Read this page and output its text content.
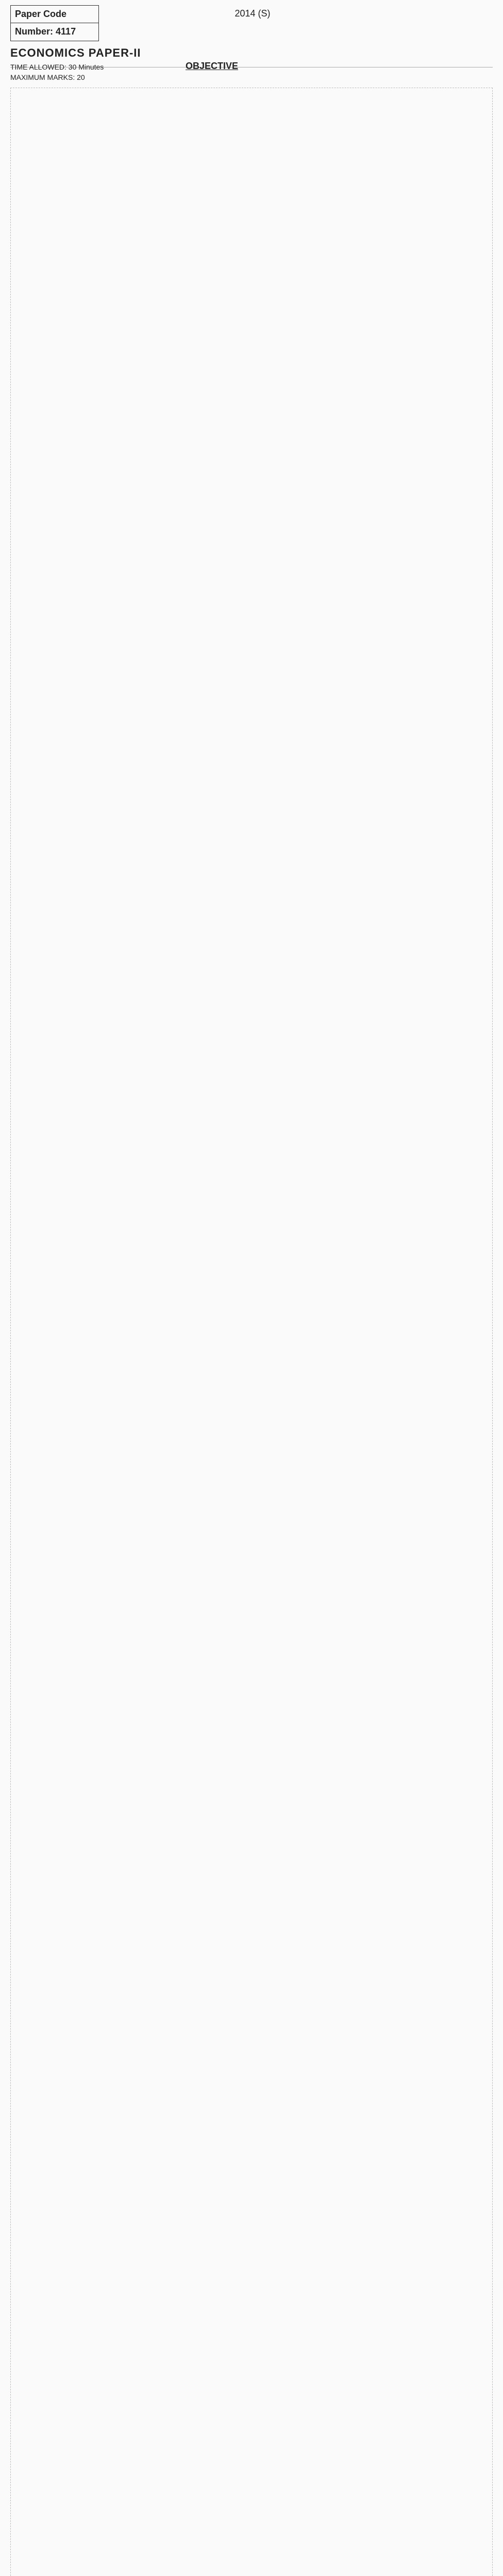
Paper Code
Number: 4117
2014 (S)
ECONOMICS PAPER-II
TIME ALLOWED: 30 Minutes
MAXIMUM MARKS: 20
OBJECTIVE
